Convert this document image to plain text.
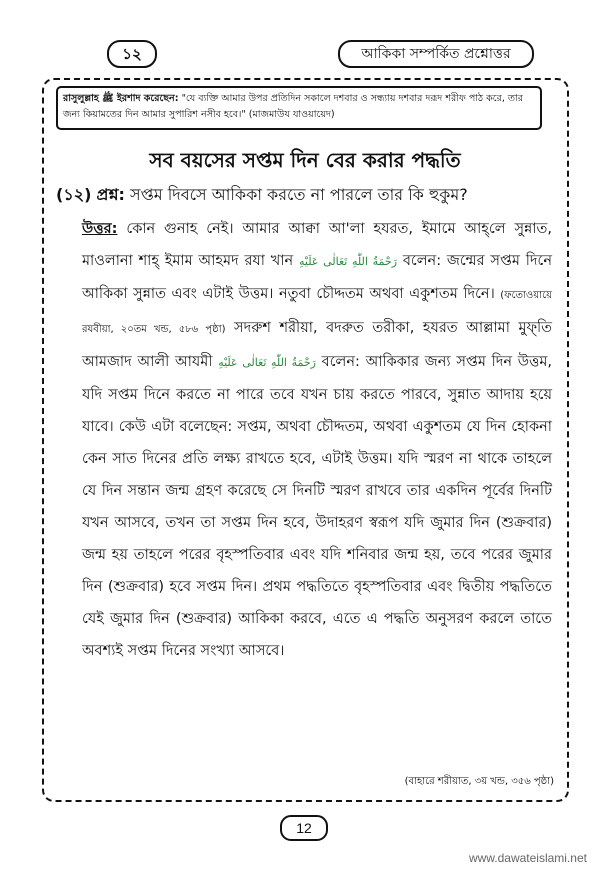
১২	আকিকা সম্পর্কিত প্রশ্নোত্তর
রাসুলুল্লাহ ﷺ ইরশাদ করেছেন: "যে ব্যক্তি আমার উপর প্রতিদিন সকালে দশবার ও সন্ধ্যায় দশবার দরূদ শরীফ পাঠ করে, তার জন্য কিয়ামতের দিন আমার সুপারিশ নসীব হবে।" (মাজমাউয যাওয়ায়েদ)
সব বয়সের সপ্তম দিন বের করার পদ্ধতি
(১২) প্রশ্ন: সপ্তম দিবসে আকিকা করতে না পারলে তার কি হুকুম?
উত্তর: কোন গুনাহ নেই। আমার আক্বা আ'লা হযরত, ইমামে আহ্‌লে সুন্নাত, মাওলানা শাহ্ ইমাম আহমদ রযা খান رَحْمَةُ اللّٰهِ تَعَالٰى عَلَيْهِ বলেন: জন্মের সপ্তম দিনে আকিকা সুন্নাত এবং এটাই উত্তম। নতুবা চৌদ্দতম অথবা একুশতম দিনে। (ফতোওয়ায়ে রযবীয়া, ২০তম খন্ড, ৫৮৬ পৃষ্ঠা) সদরুশ শরীয়া, বদরুত তরীকা, হযরত আল্লামা মুফ্‌তি আমজাদ আলী আযমী رَحْمَةُ اللّٰهِ تَعَالٰى عَلَيْهِ বলেন: আকিকার জন্য সপ্তম দিন উত্তম, যদি সপ্তম দিনে করতে না পারে তবে যখন চায় করতে পারবে, সুন্নাত আদায় হয়ে যাবে। কেউ এটা বলেছেন: সপ্তম, অথবা চৌদ্দতম, অথবা একুশতম যে দিন হোকনা কেন সাত দিনের প্রতি লক্ষ্য রাখতে হবে, এটাই উত্তম। যদি স্মরণ না থাকে তাহলে যে দিন সন্তান জন্ম গ্রহণ করেছে সে দিনটি স্মরণ রাখবে তার একদিন পূর্বের দিনটি যখন আসবে, তখন তা সপ্তম দিন হবে, উদাহরণ স্বরূপ যদি জুমার দিন (শুক্রবার) জন্ম হয় তাহলে পরের বৃহস্পতিবার এবং যদি শনিবার জন্ম হয়, তবে পরের জুমার দিন (শুক্রবার) হবে সপ্তম দিন। প্রথম পদ্ধতিতে বৃহস্পতিবার এবং দ্বিতীয় পদ্ধতিতে যেই জুমার দিন (শুক্রবার) আকিকা করবে, এতে এ পদ্ধতি অনুসরণ করলে তাতে অবশ্যই সপ্তম দিনের সংখ্যা আসবে।
(বাহারে শরীয়াত, ৩য় খন্ড, ৩৫৬ পৃষ্ঠা)
12
www.dawateislami.net
